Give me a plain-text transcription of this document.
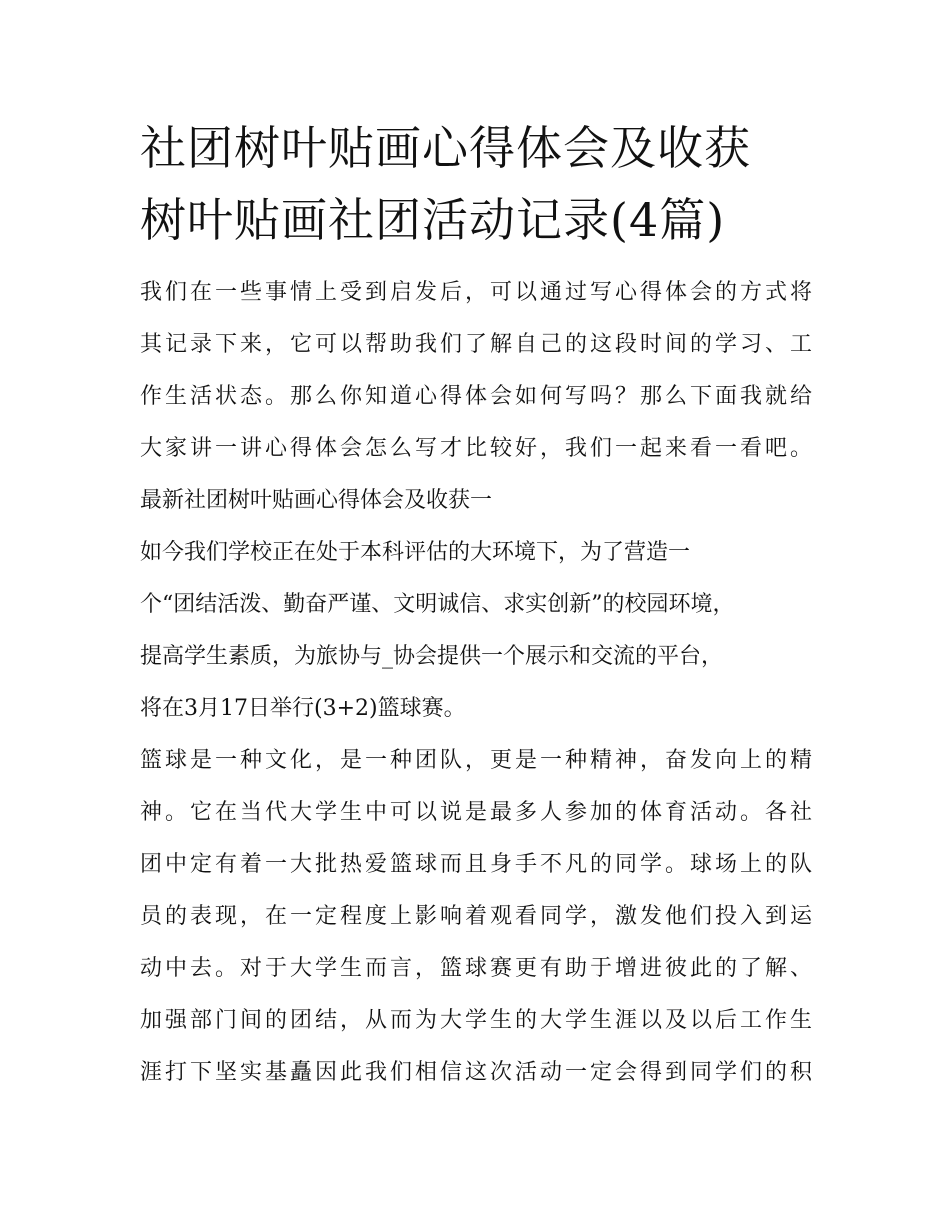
社团树叶贴画心得体会及收获
树叶贴画社团活动记录(4篇)
我们在一些事情上受到启发后，可以通过写心得体会的方式将
其记录下来，它可以帮助我们了解自己的这段时间的学习、工
作生活状态。那么你知道心得体会如何写吗？那么下面我就给
大家讲一讲心得体会怎么写才比较好，我们一起来看一看吧。
最新社团树叶贴画心得体会及收获一
如今我们学校正在处于本科评估的大环境下，为了营造一
个“团结活泼、勤奋严谨、文明诚信、求实创新”的校园环境，
提高学生素质，为旅协与_协会提供一个展示和交流的平台，
将在3月17日举行(3+2)篮球赛。
篮球是一种文化，是一种团队，更是一种精神，奋发向上的精
神。它在当代大学生中可以说是最多人参加的体育活动。各社
团中定有着一大批热爱篮球而且身手不凡的同学。球场上的队
员的表现，在一定程度上影响着观看同学，激发他们投入到运
动中去。对于大学生而言，篮球赛更有助于增进彼此的了解、
加强部门间的团结，从而为大学生的大学生涯以及以后工作生
涯打下坚实基矗因此我们相信这次活动一定会得到同学们的积
